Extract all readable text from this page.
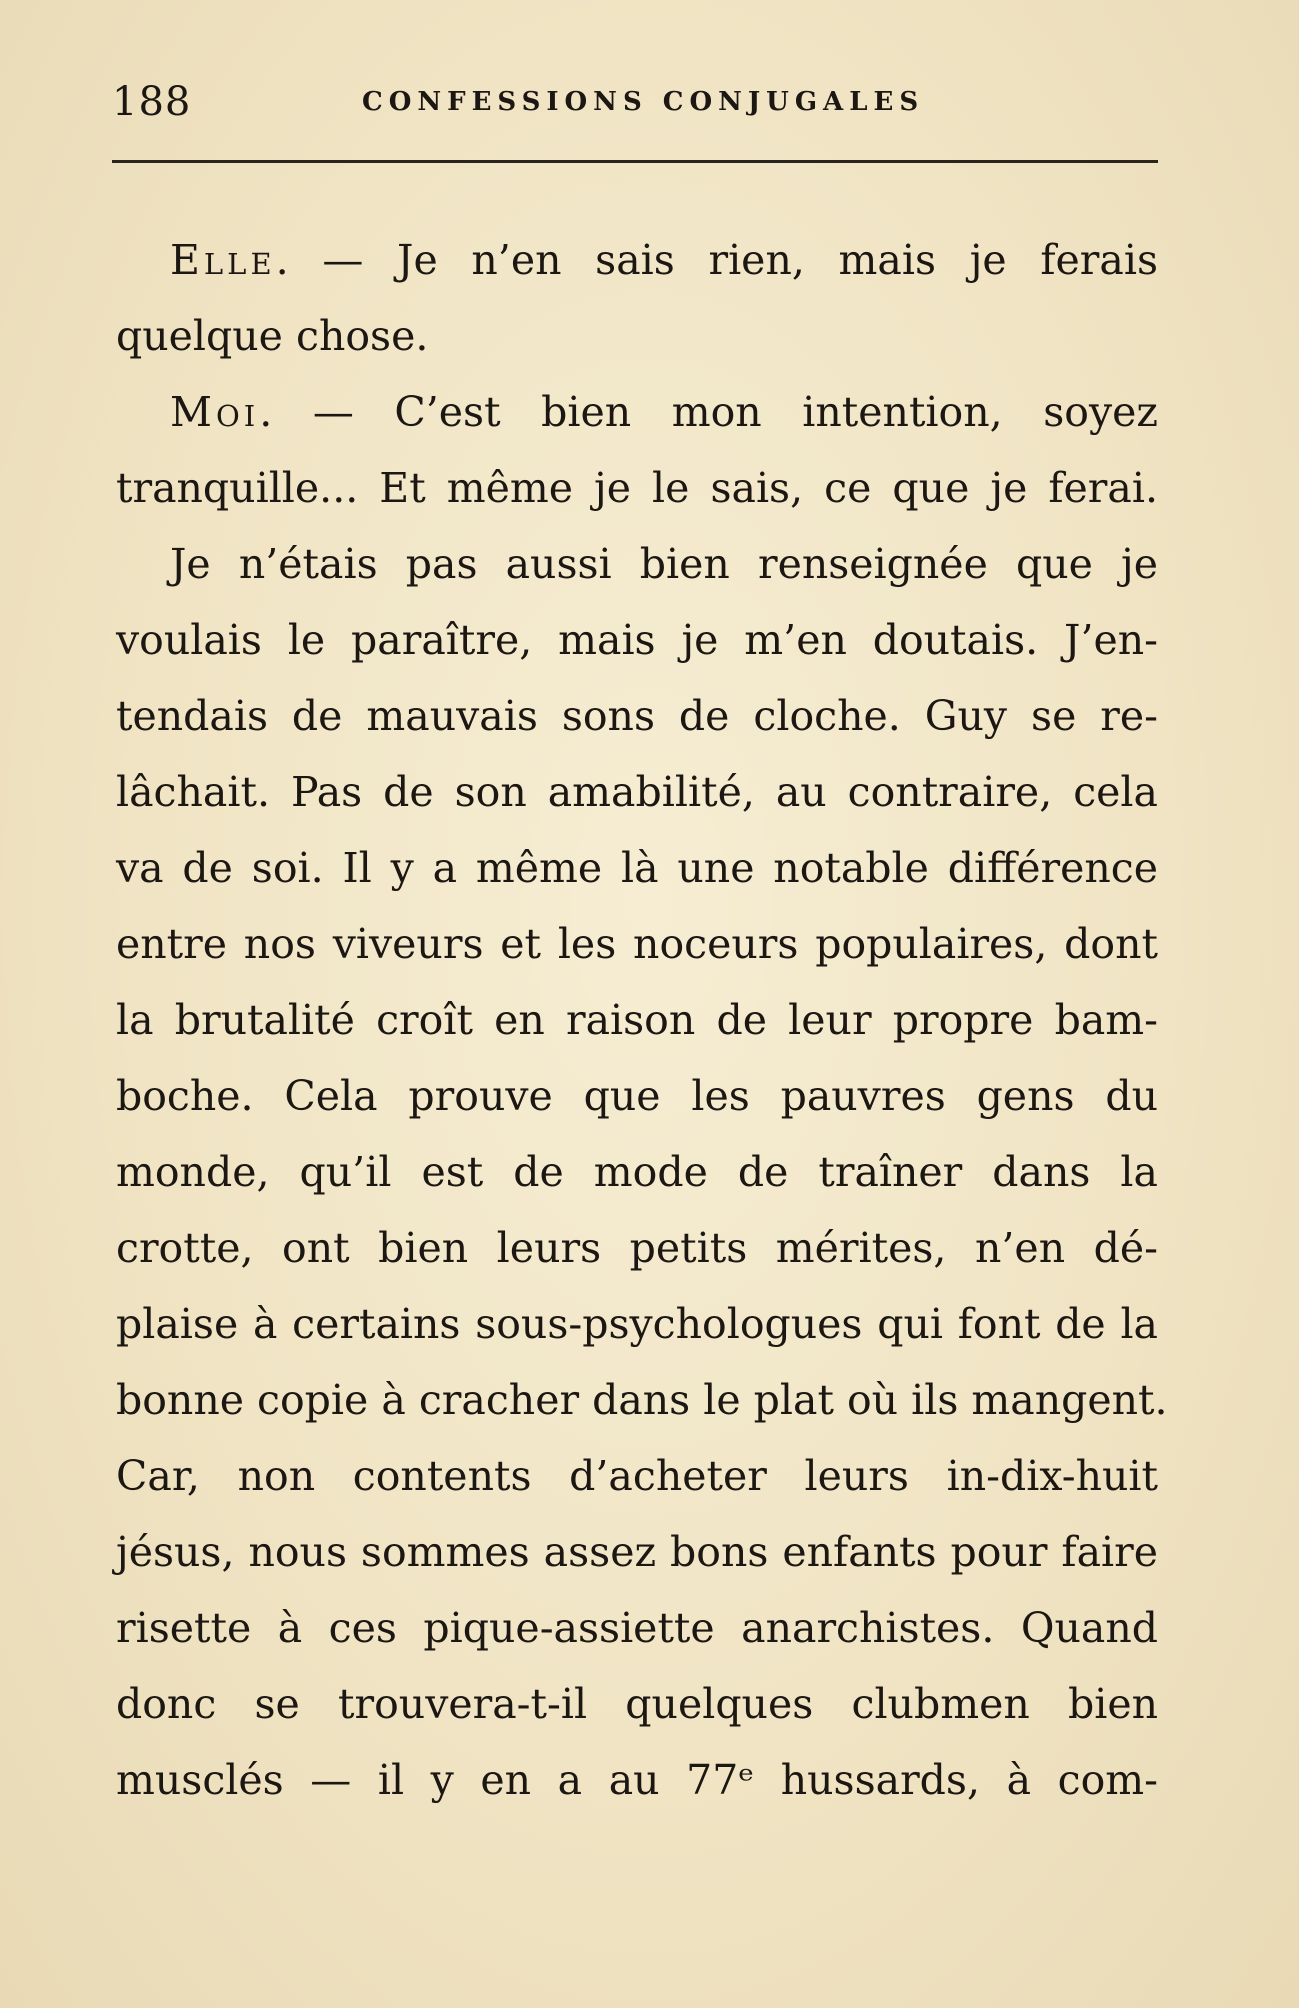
188	CONFESSIONS CONJUGALES
Elle. — Je n’en sais rien, mais je ferais
quelque chose.
Moi. — C’est bien mon intention, soyez
tranquille... Et même je le sais, ce que je ferai.
Je n’étais pas aussi bien renseignée que je
voulais le paraître, mais je m’en doutais. J’en-
tendais de mauvais sons de cloche. Guy se re-
lâchait. Pas de son amabilité, au contraire, cela
va de soi. Il y a même là une notable différence
entre nos viveurs et les noceurs populaires, dont
la brutalité croît en raison de leur propre bam-
boche. Cela prouve que les pauvres gens du
monde, qu’il est de mode de traîner dans la
crotte, ont bien leurs petits mérites, n’en dé-
plaise à certains sous-psychologues qui font de la
bonne copie à cracher dans le plat où ils mangent.
Car, non contents d’acheter leurs in-dix-huit
jésus, nous sommes assez bons enfants pour faire
risette à ces pique-assiette anarchistes. Quand
donc se trouvera-t-il quelques clubmen bien
musclés — il y en a au 77ᵉ hussards, à com-
